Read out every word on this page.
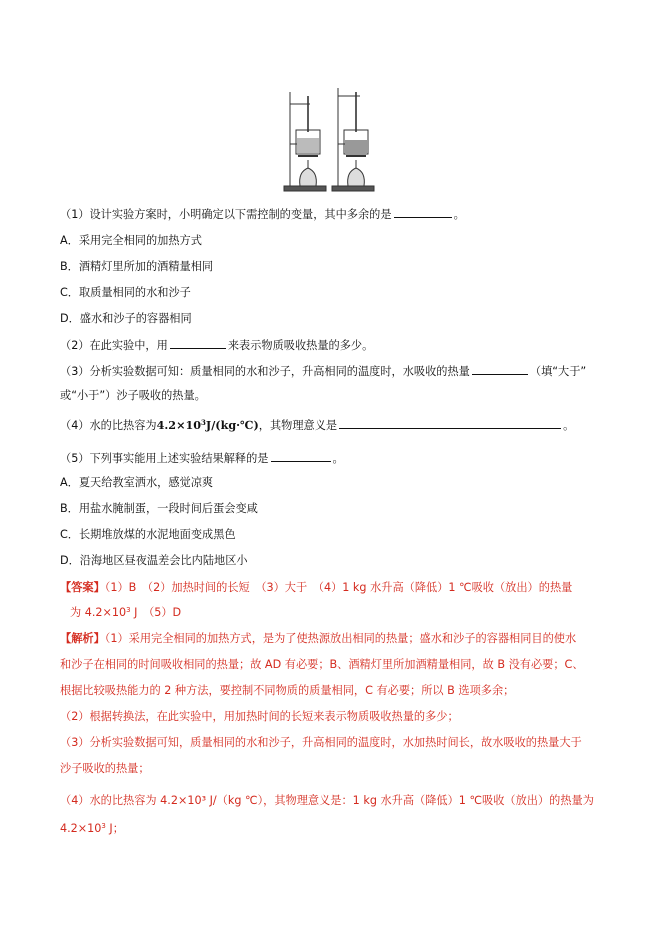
（1）设计实验方案时，小明确定以下需控制的变量，其中多余的是	。
A．采用完全相同的加热方式
B．酒精灯里所加的酒精量相同
C．取质量相同的水和沙子
D．盛水和沙子的容器相同
（2）在此实验中，用	来表示物质吸收热量的多少。
（3）分析实验数据可知：质量相同的水和沙子，升高相同的温度时，水吸收的热量	（填“大于”
或“小于”）沙子吸收的热量。
（4）水的比热容为$4.2\times 10^3J/(kg\cdot℃)$，其物理意义是	。
（5）下列事实能用上述实验结果解释的是	。
A．夏天给教室洒水，感觉凉爽
B．用盐水腌制蛋，一段时间后蛋会变咸
C．长期堆放煤的水泥地面变成黑色
D．沿海地区昼夜温差会比内陆地区小
【答案】（1）B　（2）加热时间的长短　（3）大于　（4）1 kg 水升高（降低）1 ℃吸收（放出）的热量
为 $4.2\times 10^3$ J　（5）D
【解析】（1）采用完全相同的加热方式，是为了使热源放出相同的热量；盛水和沙子的容器相同目的使水
和沙子在相同的时间吸收相同的热量；故 AD 有必要；B、酒精灯里所加酒精量相同，故 B 没有必要；C、
根据比较吸热能力的 2 种方法，要控制不同物质的质量相同，C 有必要；所以 B 选项多余；
（2）根据转换法，在此实验中，用加热时间的长短来表示物质吸收热量的多少；
（3）分析实验数据可知，质量相同的水和沙子，升高相同的温度时，水加热时间长，故水吸收的热量大于
沙子吸收的热量；
（4）水的比热容为 4.2×10³ J/（kg ℃），其物理意义是：1 kg 水升高（降低）1 ℃吸收（放出）的热量为
$4.2\times 10^3$ J；
